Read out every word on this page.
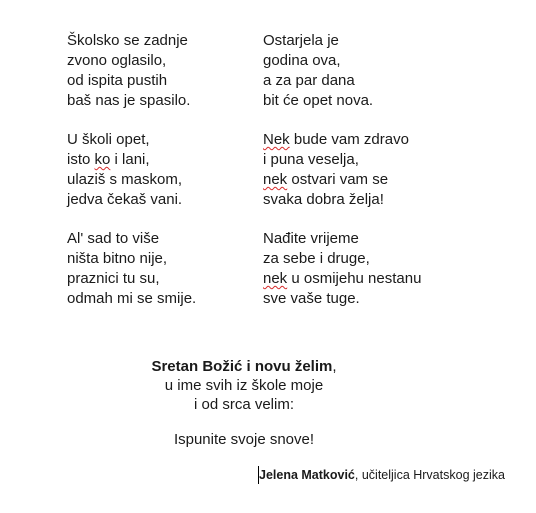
Školsko se zadnje
zvono oglasilo,
od ispita pustih
baš nas je spasilo.
U školi opet,
isto ko i lani,
ulaziš s maskom,
jedva čekaš vani.
Al' sad to više
ništa bitno nije,
praznici tu su,
odmah mi se smije.
Ostarjela je
godina ova,
a za par dana
bit će opet nova.
Nek bude vam zdravo
i puna veselja,
nek ostvari vam se
svaka dobra želja!
Nađite vrijeme
za sebe i druge,
nek u osmijehu nestanu
sve vaše tuge.
Sretan Božić i novu želim,
u ime svih iz škole moje
i od srca velim:
Ispunite svoje snove!
Jelena Matković, učiteljica Hrvatskog jezika
